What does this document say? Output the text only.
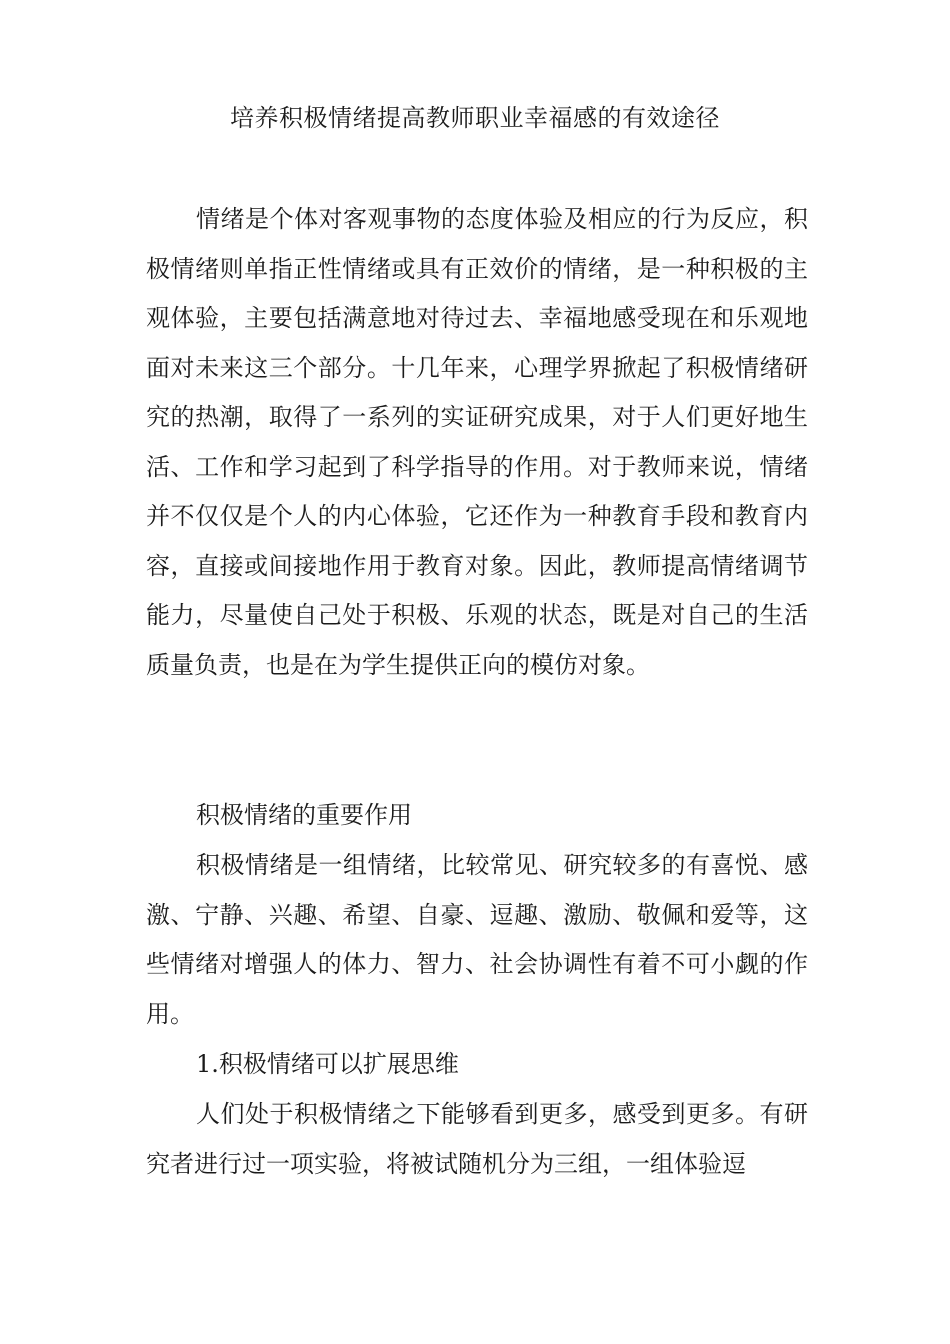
培养积极情绪提高教师职业幸福感的有效途径
情绪是个体对客观事物的态度体验及相应的行为反应，积极情绪则单指正性情绪或具有正效价的情绪，是一种积极的主观体验，主要包括满意地对待过去、幸福地感受现在和乐观地面对未来这三个部分。十几年来，心理学界掀起了积极情绪研究的热潮，取得了一系列的实证研究成果，对于人们更好地生活、工作和学习起到了科学指导的作用。对于教师来说，情绪并不仅仅是个人的内心体验，它还作为一种教育手段和教育内容，直接或间接地作用于教育对象。因此，教师提高情绪调节能力，尽量使自己处于积极、乐观的状态，既是对自己的生活质量负责，也是在为学生提供正向的模仿对象。
积极情绪的重要作用
积极情绪是一组情绪，比较常见、研究较多的有喜悦、感激、宁静、兴趣、希望、自豪、逗趣、激励、敬佩和爱等，这些情绪对增强人的体力、智力、社会协调性有着不可小觑的作用。
1.积极情绪可以扩展思维
人们处于积极情绪之下能够看到更多，感受到更多。有研究者进行过一项实验，将被试随机分为三组，一组体验逗
